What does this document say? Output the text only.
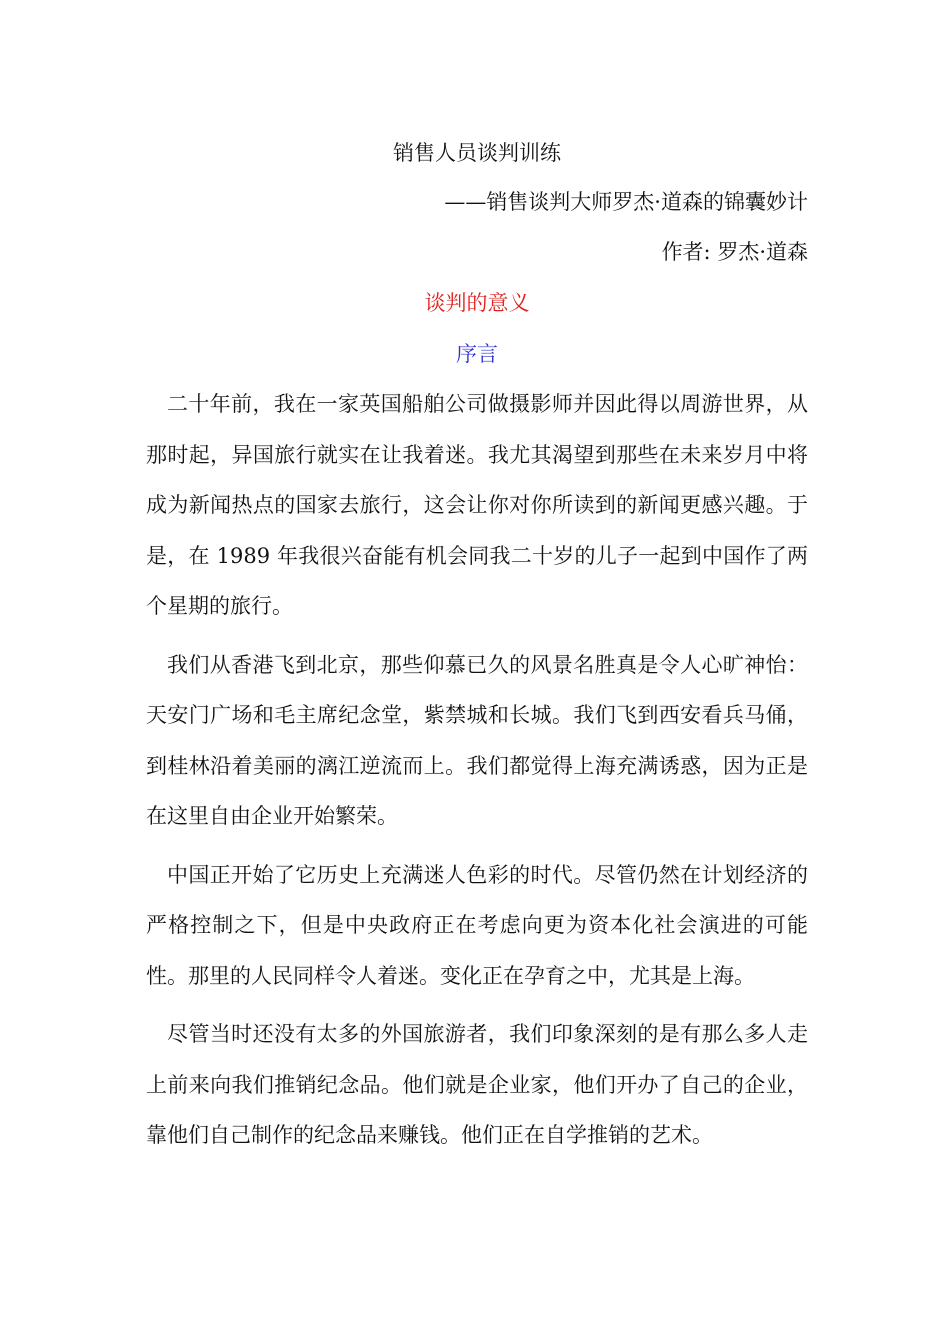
销售人员谈判训练
——销售谈判大师罗杰·道森的锦囊妙计
作者: 罗杰·道森
谈判的意义
序言

二十年前，我在一家英国船舶公司做摄影师并因此得以周游世界，从那时起，异国旅行就实在让我着迷。我尤其渴望到那些在未来岁月中将成为新闻热点的国家去旅行，这会让你对你所读到的新闻更感兴趣。于是，在 1989 年我很兴奋能有机会同我二十岁的儿子一起到中国作了两个星期的旅行。

我们从香港飞到北京，那些仰慕已久的风景名胜真是令人心旷神怡：天安门广场和毛主席纪念堂，紫禁城和长城。我们飞到西安看兵马俑，到桂林沿着美丽的漓江逆流而上。我们都觉得上海充满诱惑，因为正是在这里自由企业开始繁荣。

中国正开始了它历史上充满迷人色彩的时代。尽管仍然在计划经济的严格控制之下，但是中央政府正在考虑向更为资本化社会演进的可能性。那里的人民同样令人着迷。变化正在孕育之中，尤其是上海。

尽管当时还没有太多的外国旅游者，我们印象深刻的是有那么多人走上前来向我们推销纪念品。他们就是企业家，他们开办了自己的企业，靠他们自己制作的纪念品来赚钱。他们正在自学推销的艺术。
